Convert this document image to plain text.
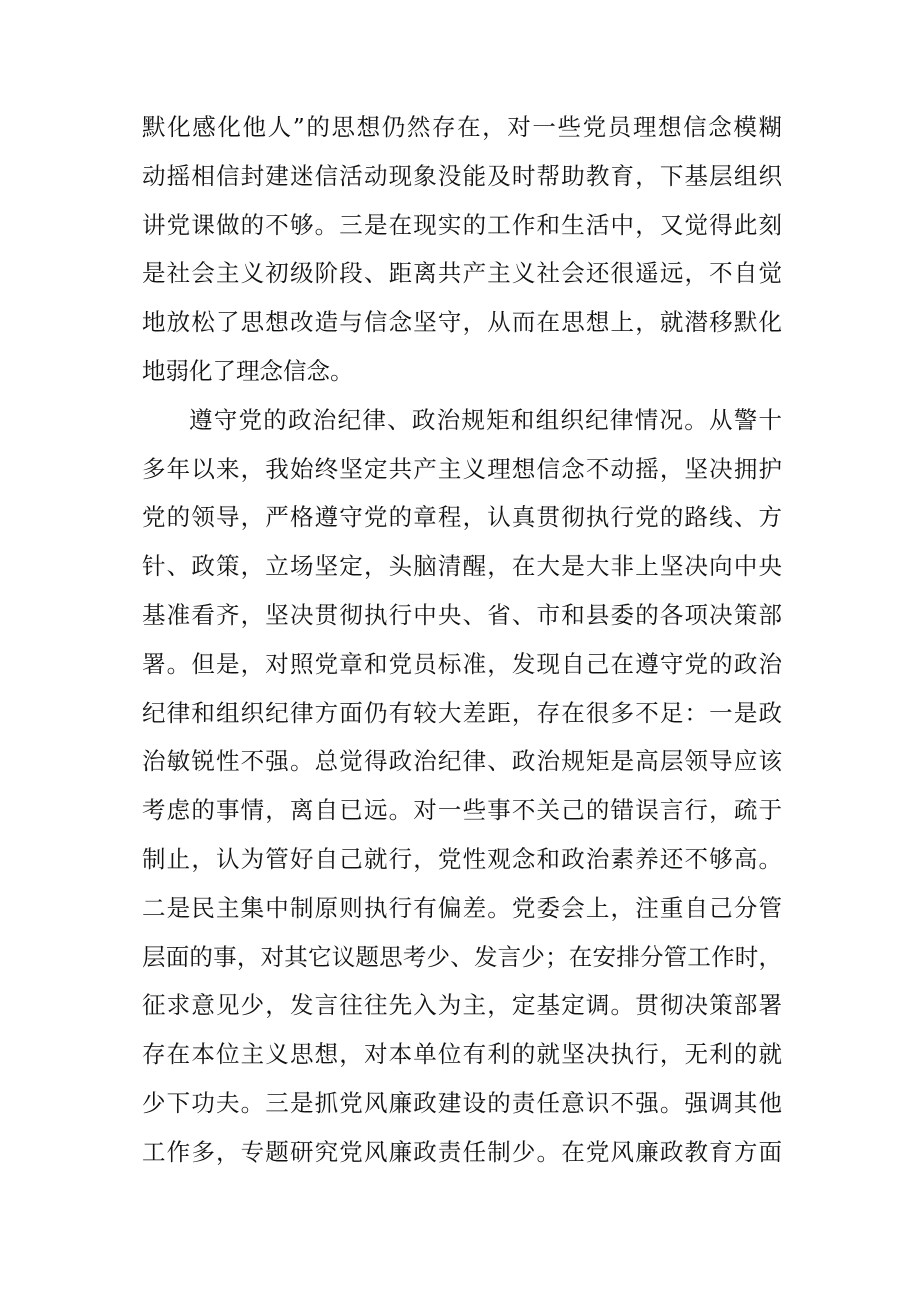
默化感化他人”的思想仍然存在，对一些党员理想信念模糊
动摇相信封建迷信活动现象没能及时帮助教育，下基层组织
讲党课做的不够。三是在现实的工作和生活中，又觉得此刻
是社会主义初级阶段、距离共产主义社会还很遥远，不自觉
地放松了思想改造与信念坚守，从而在思想上，就潜移默化
地弱化了理念信念。
遵守党的政治纪律、政治规矩和组织纪律情况。从警十
多年以来，我始终坚定共产主义理想信念不动摇，坚决拥护
党的领导，严格遵守党的章程，认真贯彻执行党的路线、方
针、政策，立场坚定，头脑清醒，在大是大非上坚决向中央
基准看齐，坚决贯彻执行中央、省、市和县委的各项决策部
署。但是，对照党章和党员标准，发现自己在遵守党的政治
纪律和组织纪律方面仍有较大差距，存在很多不足：一是政
治敏锐性不强。总觉得政治纪律、政治规矩是高层领导应该
考虑的事情，离自已远。对一些事不关己的错误言行，疏于
制止，认为管好自己就行，党性观念和政治素养还不够高。
二是民主集中制原则执行有偏差。党委会上，注重自己分管
层面的事，对其它议题思考少、发言少；在安排分管工作时，
征求意见少，发言往往先入为主，定基定调。贯彻决策部署
存在本位主义思想，对本单位有利的就坚决执行，无利的就
少下功夫。三是抓党风廉政建设的责任意识不强。强调其他
工作多，专题研究党风廉政责任制少。在党风廉政教育方面
